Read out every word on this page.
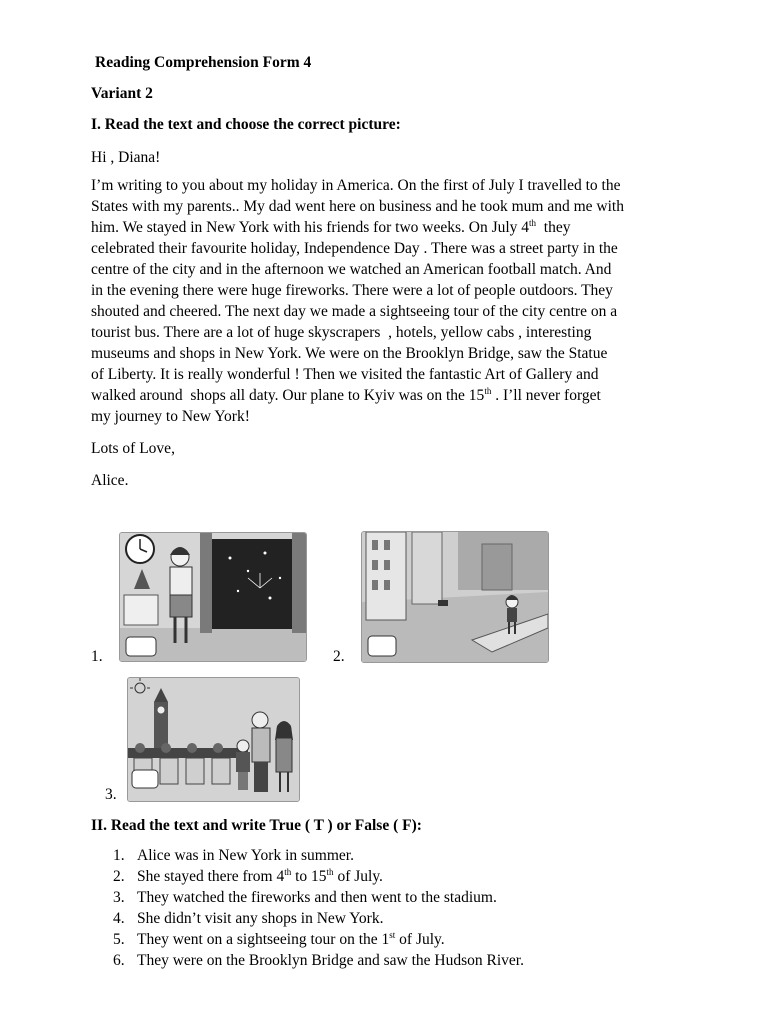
Reading Comprehension Form 4
Variant 2
I. Read the text and choose the correct picture:
Hi , Diana!

I’m writing to you about my holiday in America. On the first of July I travelled to the

States with my parents.. My dad went here on business and he took mum and me with

him. We stayed in New York with his friends for two weeks. On July 4th  they

celebrated their favourite holiday, Independence Day . There was a street party in the

centre of the city and in the afternoon we watched an American football match. And

in the evening there were huge fireworks. There were a lot of people outdoors. They

shouted and cheered. The next day we made a sightseeing tour of the city centre on a

tourist bus. There are a lot of huge skyscrapers  , hotels, yellow cabs , interesting

museums and shops in New York. We were on the Brooklyn Bridge, saw the Statue

of Liberty. It is really wonderful ! Then we visited the fantastic Art of Gallery and

walked around  shops all daty. Our plane to Kyiv was on the 15th . I’ll never forget

my journey to New York!

Lots of Love,
Alice.
1.	2.
3.
II. Read the text and write True ( T ) or False ( F):
1. Alice was in New York in summer.
2. She stayed there from 4th to 15th of July.
3. They watched the fireworks and then went to the stadium.
4. She didn’t visit any shops in New York.
5. They went on a sightseeing tour on the 1st of July.
6. They were on the Brooklyn Bridge and saw the Hudson River.
